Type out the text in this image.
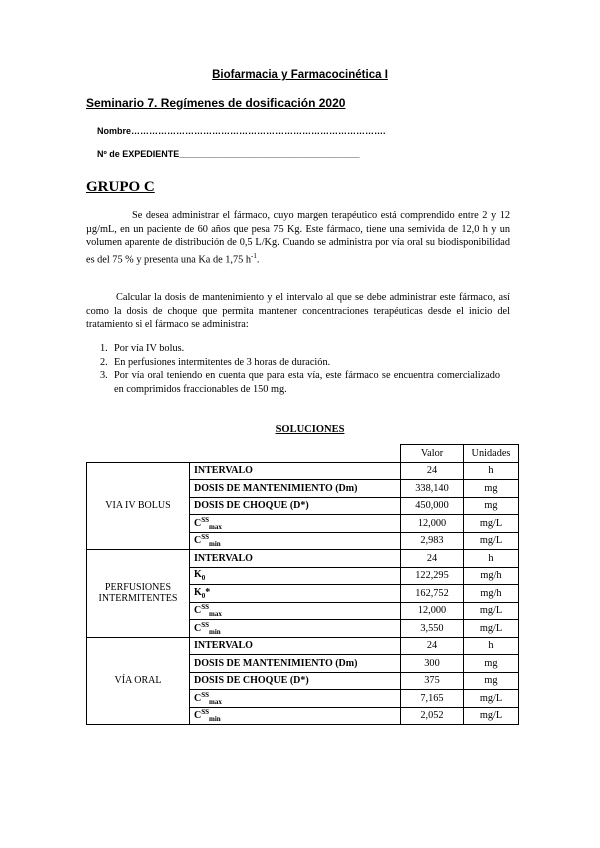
Biofarmacia y Farmacocinética I
Seminario 7. Regímenes de dosificación 2020
Nombre………………………………………………………………………….
Nº de EXPEDIENTE____________________________________
GRUPO C

Se desea administrar el fármaco, cuyo margen terapéutico está comprendido entre 2 y 12 µg/mL, en un paciente de 60 años que pesa 75 Kg. Este fármaco, tiene una semivida de 12,0 h y un volumen aparente de distribución de 0,5 L/Kg. Cuando se administra por vía oral su biodisponibilidad es del 75 % y presenta una Ka de 1,75 $h^{-1}$.

Calcular la dosis de mantenimiento y el intervalo al que se debe administrar este fármaco, así como la dosis de choque que permita mantener concentraciones terapéuticas desde el inicio del tratamiento si el fármaco se administra:

1. Por vía IV bolus.
2. En perfusiones intermitentes de 3 horas de duración.
3. Por vía oral teniendo en cuenta que para esta vía, este fármaco se encuentra comercializado en comprimidos fraccionables de 150 mg.
SOLUCIONES
		Valor	Unidades
VIA IV BOLUS	INTERVALO	24	h
	DOSIS DE MANTENIMIENTO (Dm)	338,140	mg
	DOSIS DE CHOQUE (D*)	450,000	mg
	$C^{SS}_{max}$	12,000	mg/L
	$C^{SS}_{min}$	2,983	mg/L
PERFUSIONES INTERMITENTES	INTERVALO	24	h
	$K_0$	122,295	mg/h
	$K_0*$	162,752	mg/h
	$C^{SS}_{max}$	12,000	mg/L
	$C^{SS}_{min}$	3,550	mg/L
VÍA ORAL	INTERVALO	24	h
	DOSIS DE MANTENIMIENTO (Dm)	300	mg
	DOSIS DE CHOQUE (D*)	375	mg
	$C^{SS}_{max}$	7,165	mg/L
	$C^{SS}_{min}$	2,052	mg/L
